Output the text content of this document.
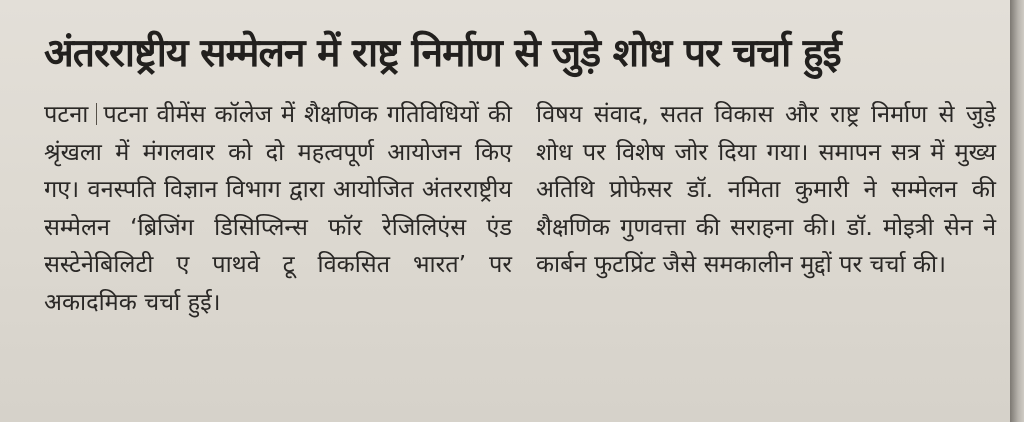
अंतरराष्ट्रीय सम्मेलन में राष्ट्र निर्माण से जुड़े शोध पर चर्चा हुई
पटना पटना वीमेंस कॉलेज में शैक्षणिक गतिविधियों की श्रृंखला में मंगलवार को दो महत्वपूर्ण आयोजन किए गए। वनस्पति विज्ञान विभाग द्वारा आयोजित अंतरराष्ट्रीय सम्मेलन ‘ब्रिजिंग डिसिप्लिन्स फॉर रेजिलिएंस एंड सस्टेनेबिलिटी ए पाथवे टू विकसित भारत’ पर अकादमिक चर्चा हुई।
विषय संवाद, सतत विकास और राष्ट्र निर्माण से जुड़े शोध पर विशेष जोर दिया गया। समापन सत्र में मुख्य अतिथि प्रोफेसर डॉ. नमिता कुमारी ने सम्मेलन की शैक्षणिक गुणवत्ता की सराहना की। डॉ. मोइत्री सेन ने कार्बन फुटप्रिंट जैसे समकालीन मुद्दों पर चर्चा की।
